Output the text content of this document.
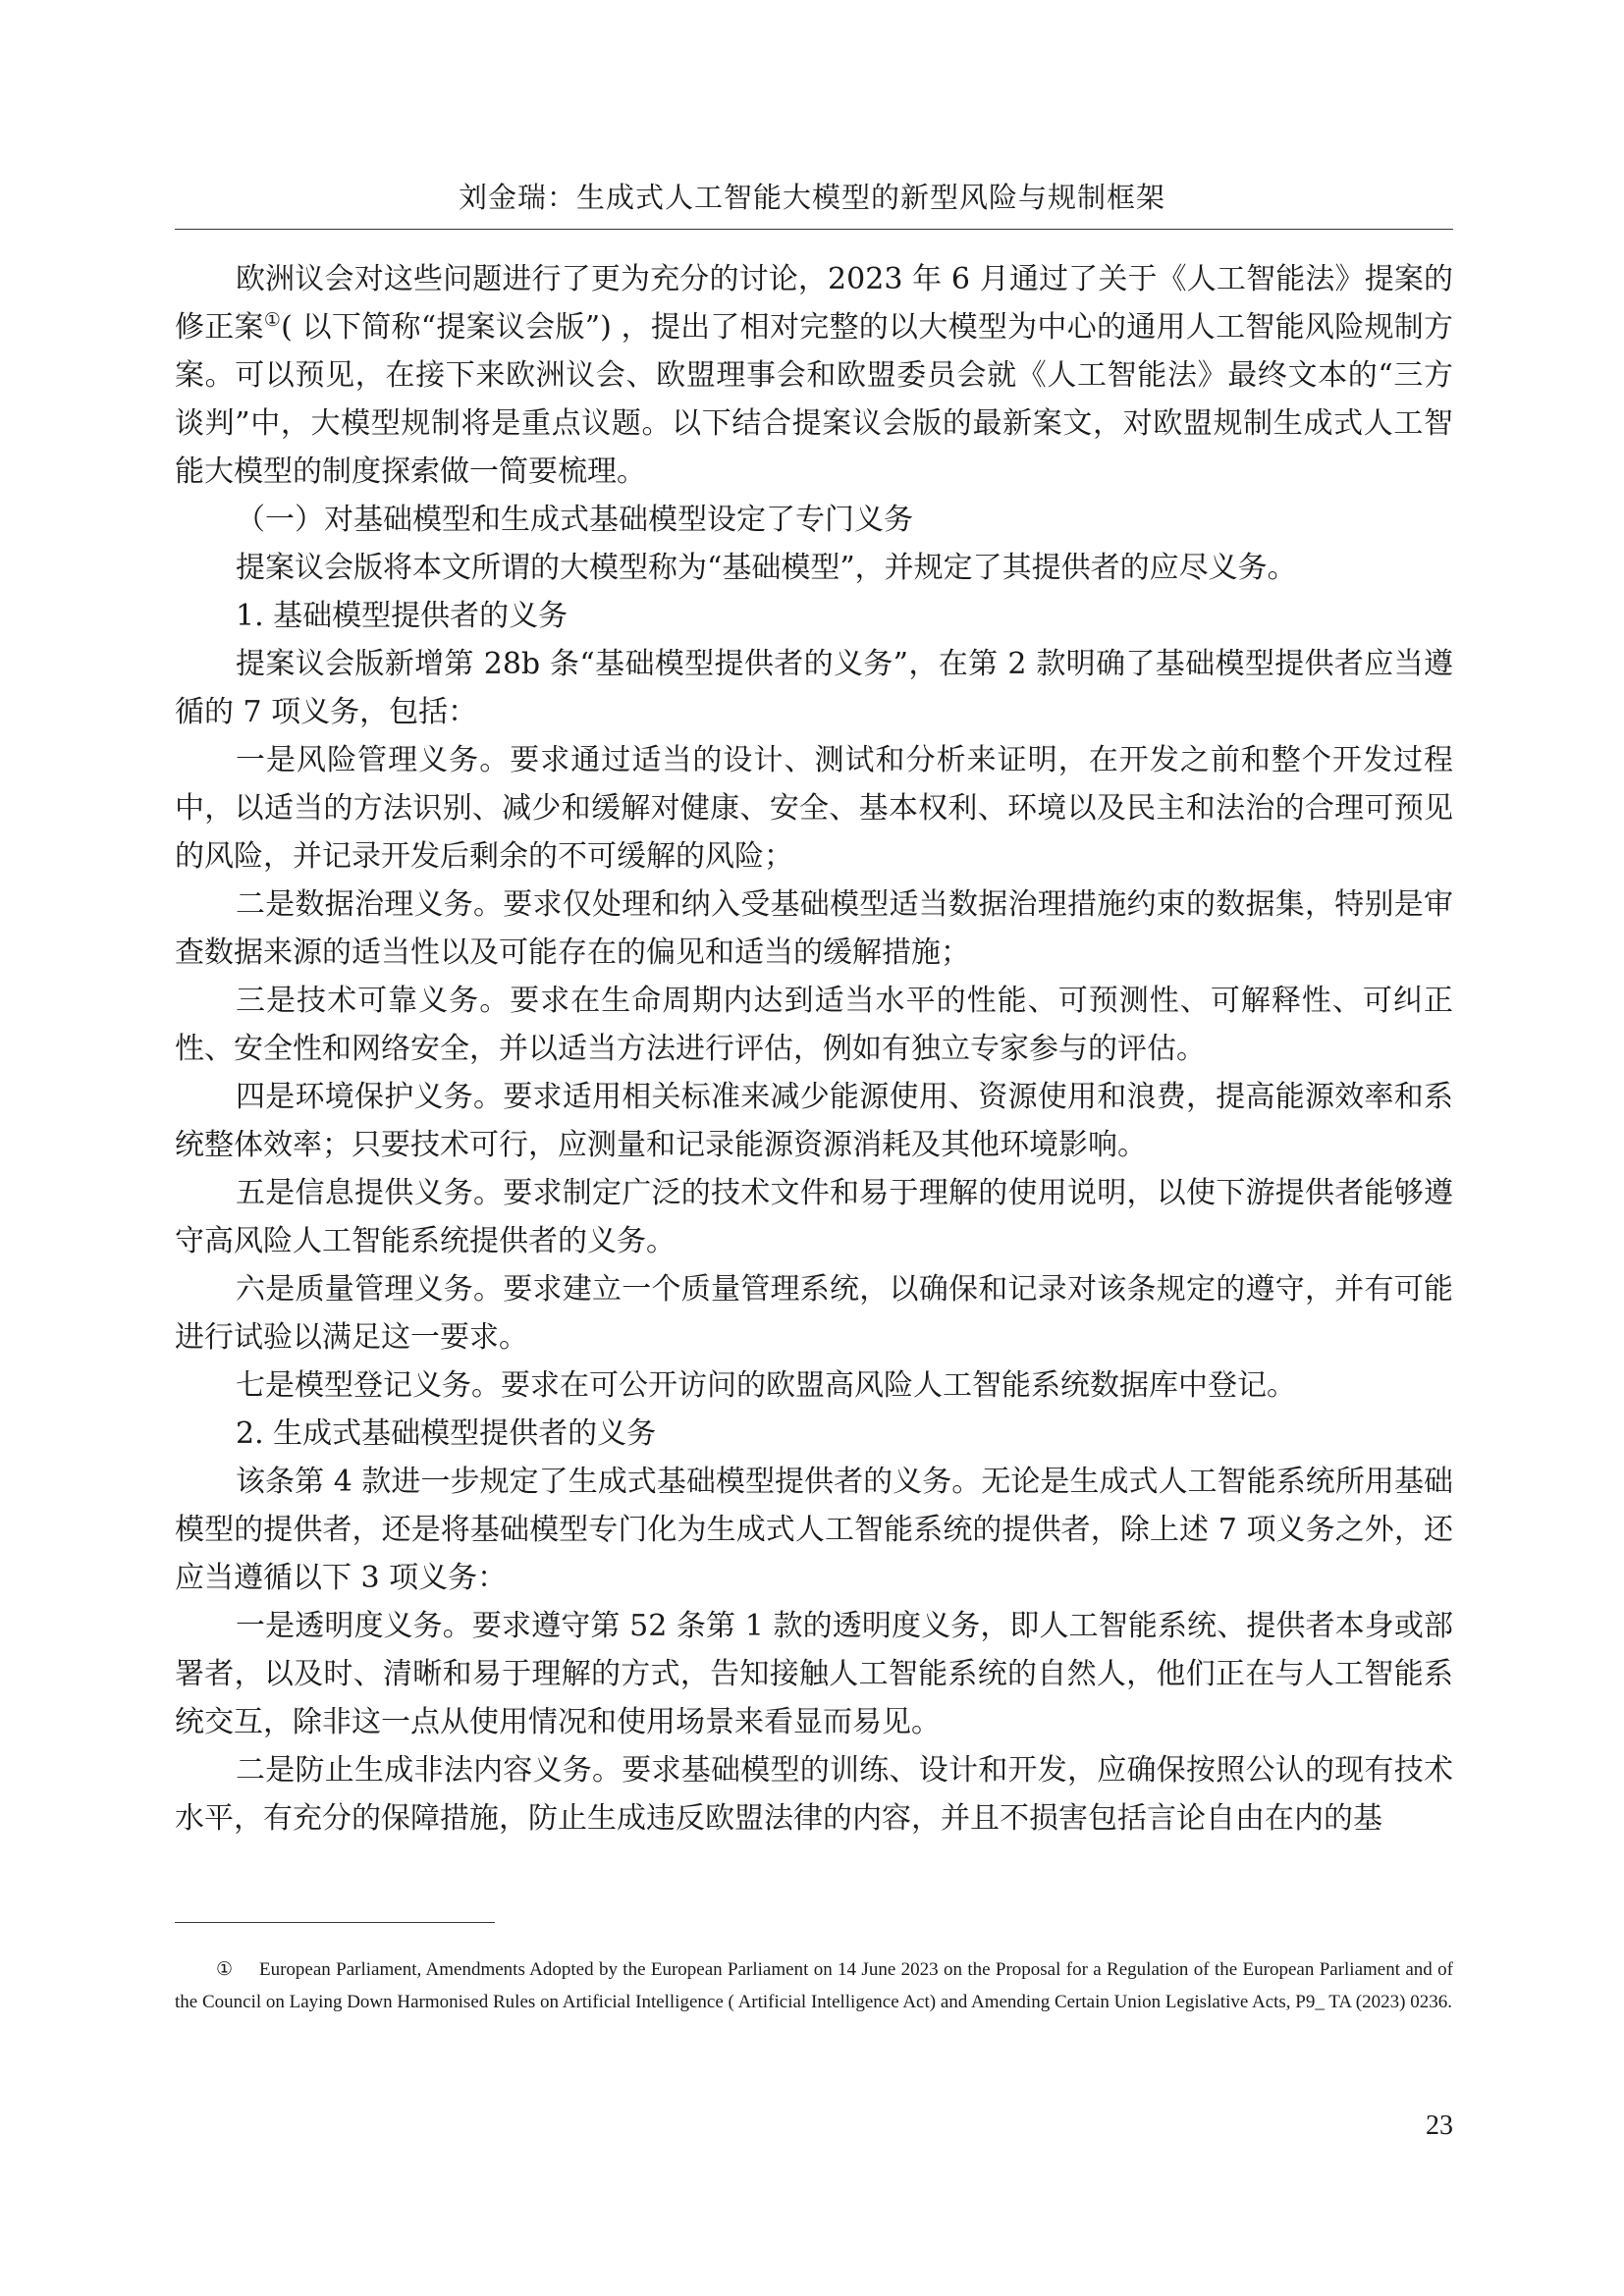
刘金瑞：生成式人工智能大模型的新型风险与规制框架

欧洲议会对这些问题进行了更为充分的讨论，2023 年 6 月通过了关于《人工智能法》提案的修正案①( 以下简称“提案议会版”) ，提出了相对完整的以大模型为中心的通用人工智能风险规制方案。可以预见，在接下来欧洲议会、欧盟理事会和欧盟委员会就《人工智能法》最终文本的“三方谈判”中，大模型规制将是重点议题。以下结合提案议会版的最新案文，对欧盟规制生成式人工智能大模型的制度探索做一简要梳理。

（一）对基础模型和生成式基础模型设定了专门义务

提案议会版将本文所谓的大模型称为“基础模型”，并规定了其提供者的应尽义务。

1. 基础模型提供者的义务

提案议会版新增第 28b 条“基础模型提供者的义务”，在第 2 款明确了基础模型提供者应当遵循的 7 项义务，包括：

一是风险管理义务。要求通过适当的设计、测试和分析来证明，在开发之前和整个开发过程中，以适当的方法识别、减少和缓解对健康、安全、基本权利、环境以及民主和法治的合理可预见的风险，并记录开发后剩余的不可缓解的风险；

二是数据治理义务。要求仅处理和纳入受基础模型适当数据治理措施约束的数据集，特别是审查数据来源的适当性以及可能存在的偏见和适当的缓解措施；

三是技术可靠义务。要求在生命周期内达到适当水平的性能、可预测性、可解释性、可纠正性、安全性和网络安全，并以适当方法进行评估，例如有独立专家参与的评估。

四是环境保护义务。要求适用相关标准来减少能源使用、资源使用和浪费，提高能源效率和系统整体效率；只要技术可行，应测量和记录能源资源消耗及其他环境影响。

五是信息提供义务。要求制定广泛的技术文件和易于理解的使用说明，以使下游提供者能够遵守高风险人工智能系统提供者的义务。

六是质量管理义务。要求建立一个质量管理系统，以确保和记录对该条规定的遵守，并有可能进行试验以满足这一要求。

七是模型登记义务。要求在可公开访问的欧盟高风险人工智能系统数据库中登记。

2. 生成式基础模型提供者的义务

该条第 4 款进一步规定了生成式基础模型提供者的义务。无论是生成式人工智能系统所用基础模型的提供者，还是将基础模型专门化为生成式人工智能系统的提供者，除上述 7 项义务之外，还应当遵循以下 3 项义务：

一是透明度义务。要求遵守第 52 条第 1 款的透明度义务，即人工智能系统、提供者本身或部署者，以及时、清晰和易于理解的方式，告知接触人工智能系统的自然人，他们正在与人工智能系统交互，除非这一点从使用情况和使用场景来看显而易见。

二是防止生成非法内容义务。要求基础模型的训练、设计和开发，应确保按照公认的现有技术水平，有充分的保障措施，防止生成违反欧盟法律的内容，并且不损害包括言论自由在内的基

① European Parliament, Amendments Adopted by the European Parliament on 14 June 2023 on the Proposal for a Regulation of the European Parliament and of the Council on Laying Down Harmonised Rules on Artificial Intelligence ( Artificial Intelligence Act) and Amending Certain Union Legislative Acts, P9_ TA (2023) 0236.
23
